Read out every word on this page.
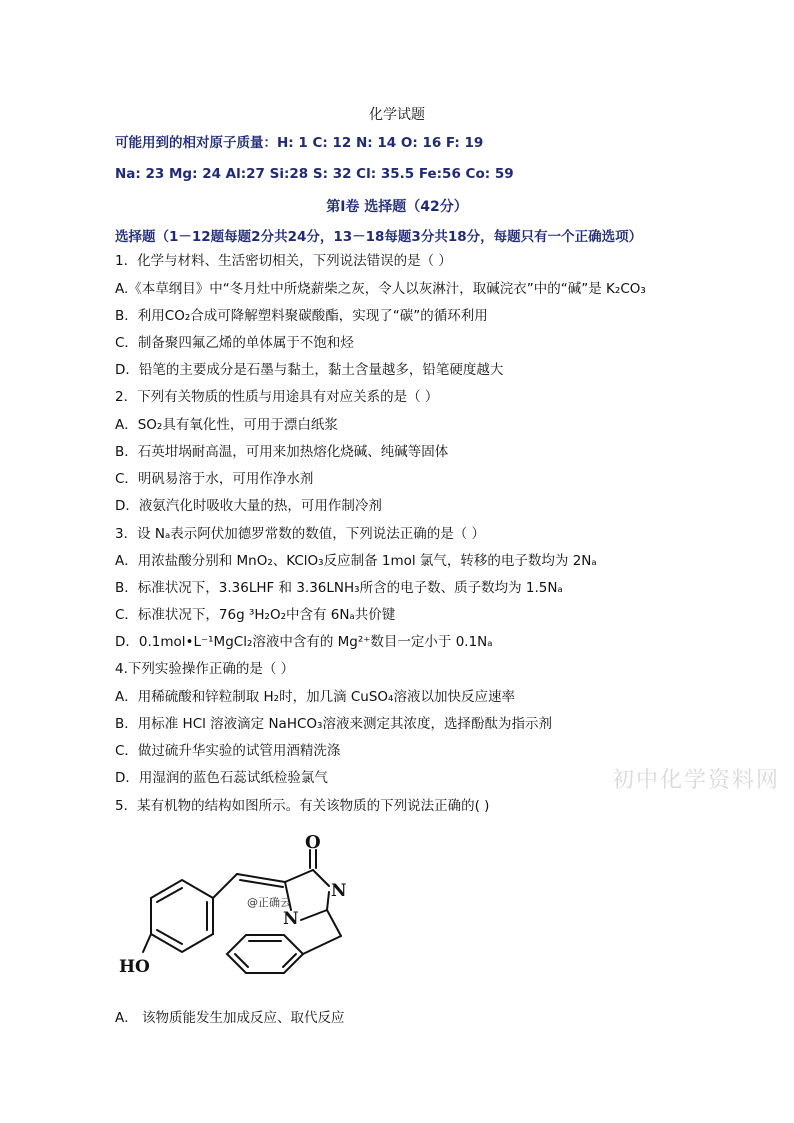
化学试题
可能用到的相对原子质量：H: 1 C: 12 N: 14 O: 16 F: 19
Na: 23 Mg: 24 Al:27 Si:28 S: 32 Cl: 35.5 Fe:56 Co: 59
第Ⅰ卷 选择题（42分）
选择题（1－12题每题2分共24分，13－18每题3分共18分，每题只有一个正确选项）
1．化学与材料、生活密切相关，下列说法错误的是（ ）
A.《本草纲目》中“冬月灶中所烧薪柴之灰，令人以灰淋汁，取碱浣衣”中的“碱”是 K₂CO₃
B．利用CO₂合成可降解塑料聚碳酸酯，实现了“碳”的循环利用
C．制备聚四氟乙烯的单体属于不饱和烃
D．铅笔的主要成分是石墨与黏土，黏土含量越多，铅笔硬度越大
2．下列有关物质的性质与用途具有对应关系的是（ ）
A．SO₂具有氧化性，可用于漂白纸浆
B．石英坩埚耐高温，可用来加热熔化烧碱、纯碱等固体
C．明矾易溶于水，可用作净水剂
D．液氨汽化时吸收大量的热，可用作制冷剂
3．设 Nₐ表示阿伏加德罗常数的数值，下列说法正确的是（ ）
A．用浓盐酸分别和 MnO₂、KClO₃反应制备 1mol 氯气，转移的电子数均为 2Nₐ
B．标准状况下，3.36LHF 和 3.36LNH₃所含的电子数、质子数均为 1.5Nₐ
C．标准状况下，76g ³H₂O₂中含有 6Nₐ共价键
D．0.1mol•L⁻¹MgCl₂溶液中含有的 Mg²⁺数目一定小于 0.1Nₐ
4.下列实验操作正确的是（ ）
A．用稀硫酸和锌粒制取 H₂时，加几滴 CuSO₄溶液以加快反应速率
B．用标准 HCl 溶液滴定 NaHCO₃溶液来测定其浓度，选择酚酞为指示剂
C．做过硫升华实验的试管用酒精洗涤
D．用湿润的蓝色石蕊试纸检验氯气	初中化学资料网
5．某有机物的结构如图所示。有关该物质的下列说法正确的( )
O
N
N
HO
@正确云
A． 该物质能发生加成反应、取代反应
